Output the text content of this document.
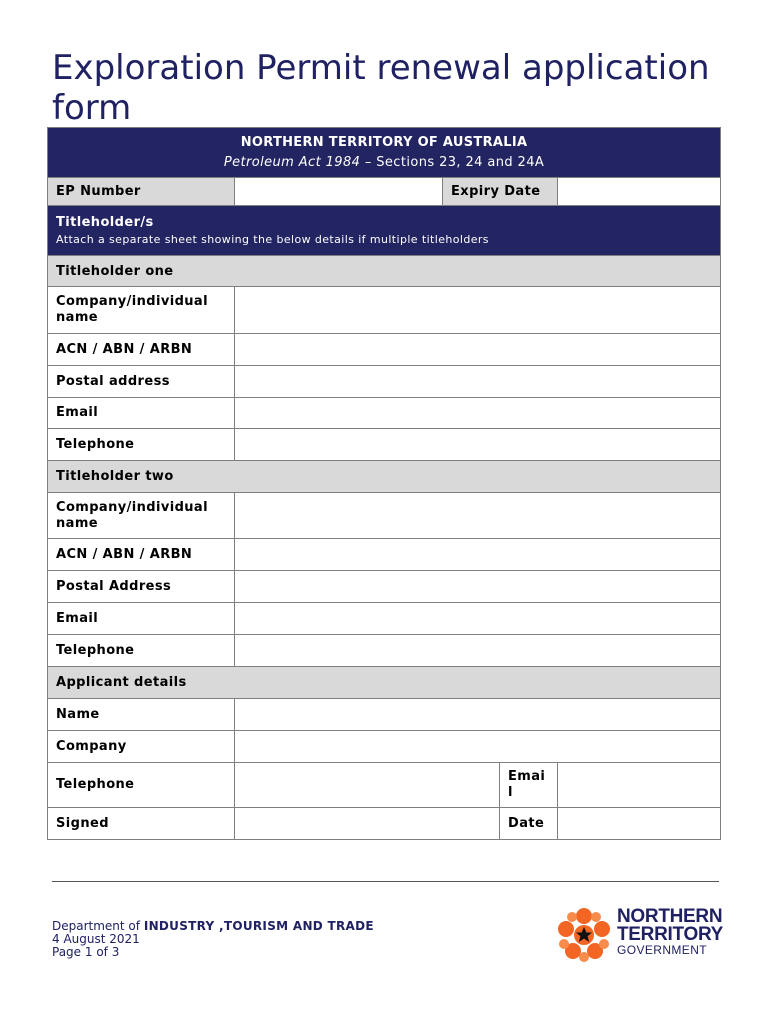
Exploration Permit renewal application form
NORTHERN TERRITORY OF AUSTRALIA
Petroleum Act 1984 – Sections 23, 24 and 24A				

EP Number		Expiry Date		

Titleholder/s
Attach a separate sheet showing the below details if multiple titleholders				

Titleholder one				
Company/individual name				
ACN / ABN / ARBN				
Postal address				
Email				
Telephone				
Titleholder two				
Company/individual name				
ACN / ABN / ARBN				
Postal Address				
Email				
Telephone				
Applicant details				
Name				
Company				
Telephone			Email	
Signed			Date	
Department of INDUSTRY ,TOURISM AND TRADE
4 August 2021
Page 1 of 3
NORTHERN
TERRITORY
GOVERNMENT
